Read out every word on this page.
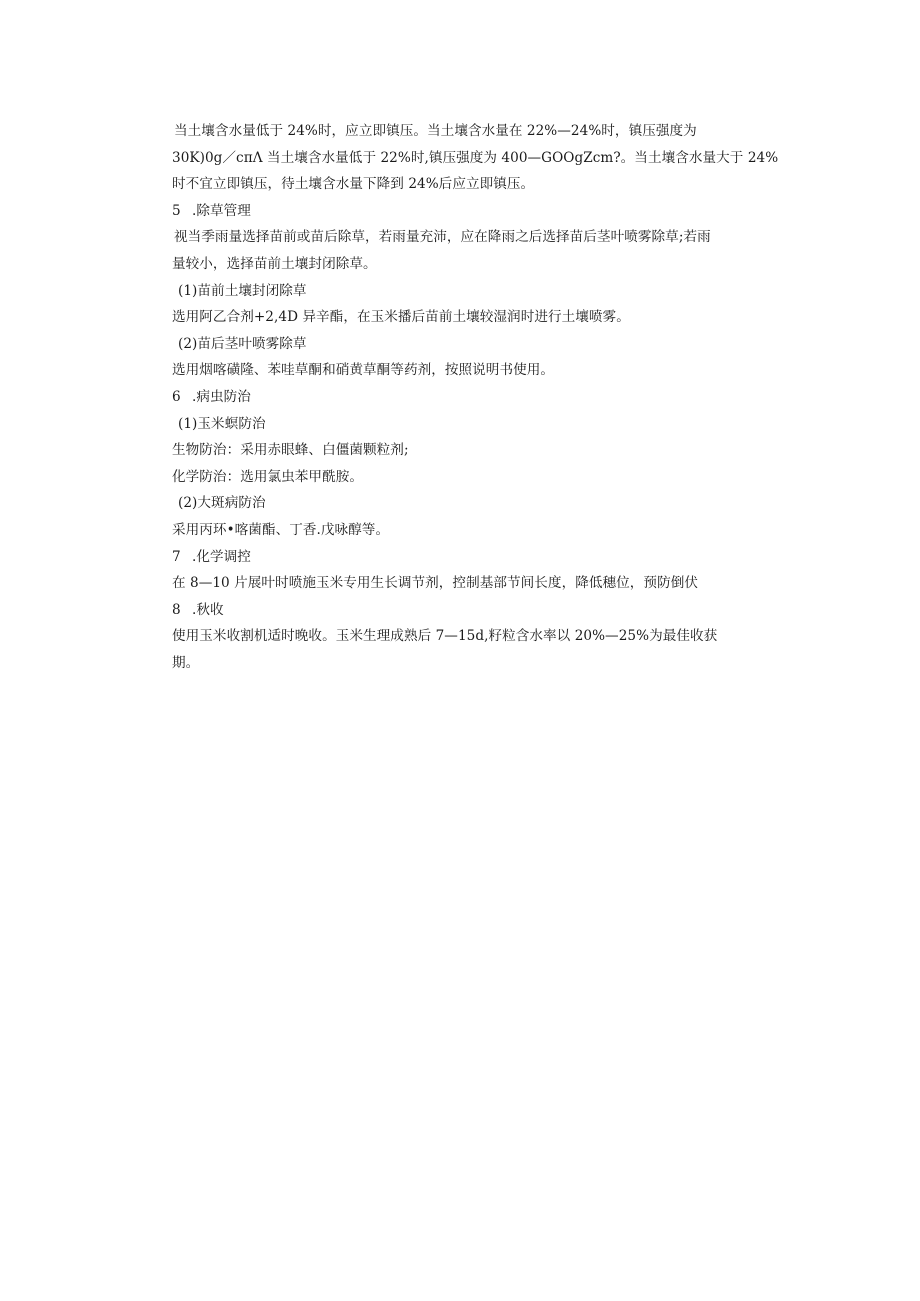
当土壤含水量低于 24%时，应立即镇压。当土壤含水量在 22%—24%时，镇压强度为
30K)0g／cπΛ 当土壤含水量低于 22%时,镇压强度为 400—GOOgZcm?。当土壤含水量大于 24%
时不宜立即镇压，待土壤含水量下降到 24%后应立即镇压。
5 .除草管理
视当季雨量选择苗前或苗后除草，若雨量充沛，应在降雨之后选择苗后茎叶喷雾除草;若雨
量较小，选择苗前土壤封闭除草。
(1)苗前土壤封闭除草
选用阿乙合剂+2,4D 异辛酯，在玉米播后苗前土壤较湿润时进行土壤喷雾。
(2)苗后茎叶喷雾除草
选用烟喀磺隆、苯哇草酮和硝黄草酮等药剂，按照说明书使用。
6 .病虫防治
(1)玉米螟防治
生物防治：采用赤眼蜂、白僵菌颗粒剂;
化学防治：选用氯虫苯甲酰胺。
(2)大斑病防治
采用丙环•喀菌酯、丁香.戊咏醇等。
7 .化学调控
在 8—10 片展叶时喷施玉米专用生长调节剂，控制基部节间长度，降低穗位，预防倒伏
8 .秋收
使用玉米收割机适时晚收。玉米生理成熟后 7—15d,籽粒含水率以 20%—25%为最佳收获
期。
